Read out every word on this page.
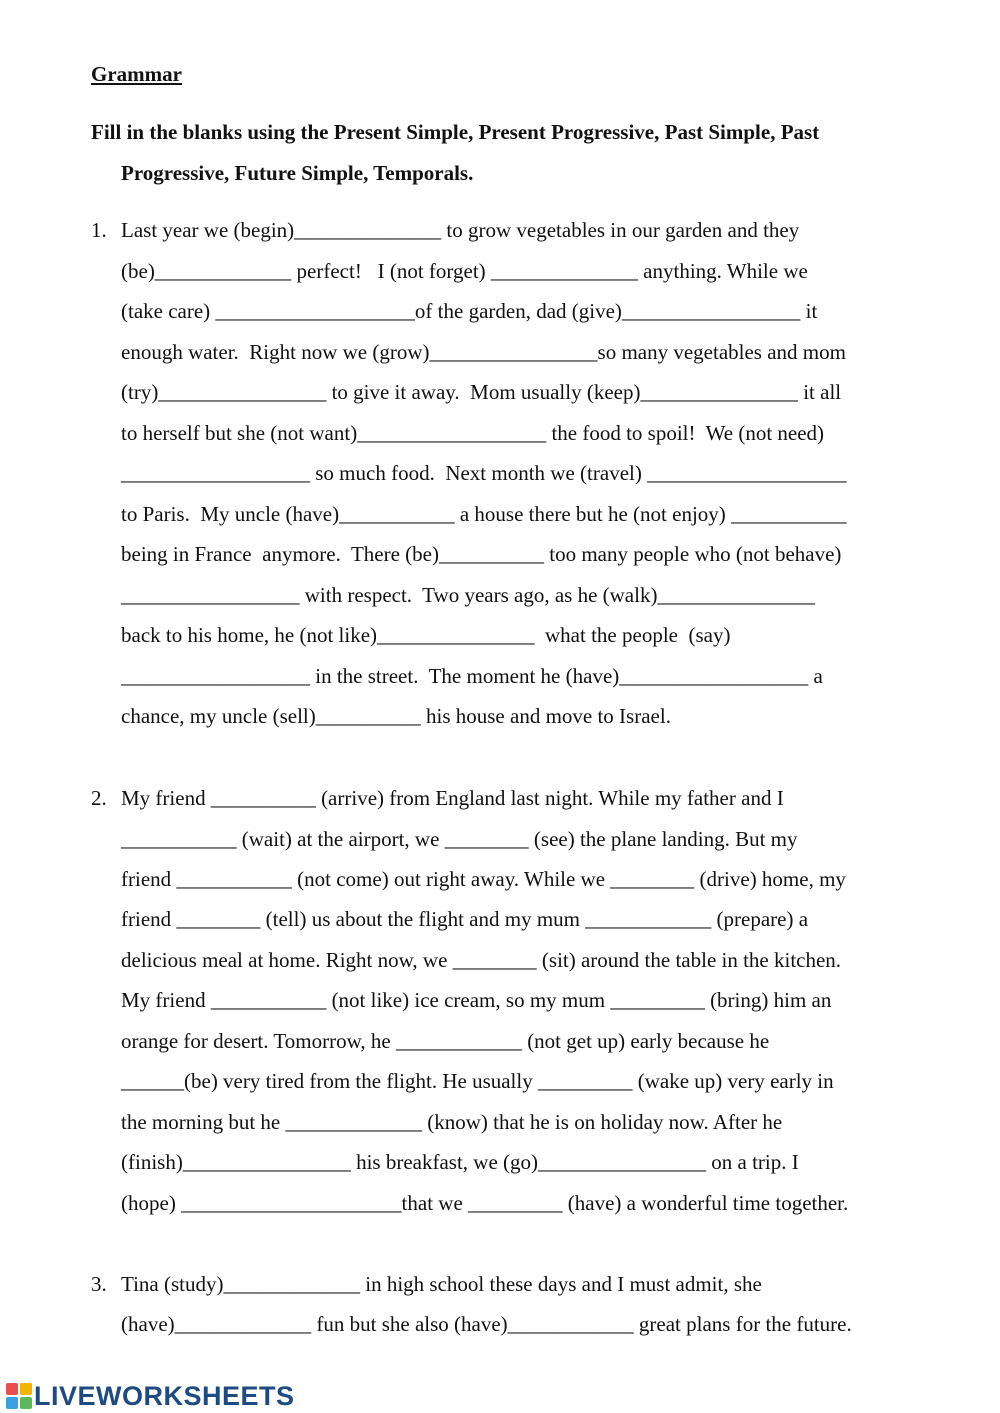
Grammar
Fill in the blanks using the Present Simple, Present Progressive, Past Simple, Past
Progressive, Future Simple, Temporals.
1. Last year we (begin)______________ to grow vegetables in our garden and they
(be)_____________ perfect!   I (not forget) ______________ anything. While we
(take care) ___________________of the garden, dad (give)_________________ it
enough water.  Right now we (grow)________________so many vegetables and mom
(try)________________ to give it away.  Mom usually (keep)_______________ it all
to herself but she (not want)__________________ the food to spoil!  We (not need)
__________________ so much food.  Next month we (travel) ___________________
to Paris.  My uncle (have)___________ a house there but he (not enjoy) ___________
being in France  anymore.  There (be)__________ too many people who (not behave)
_________________ with respect.  Two years ago, as he (walk)_______________
back to his home, he (not like)_______________  what the people  (say)
__________________ in the street.  The moment he (have)__________________ a
chance, my uncle (sell)__________ his house and move to Israel.
2. My friend __________ (arrive) from England last night. While my father and I
___________ (wait) at the airport, we ________ (see) the plane landing. But my
friend ___________ (not come) out right away. While we ________ (drive) home, my
friend ________ (tell) us about the flight and my mum ____________ (prepare) a
delicious meal at home. Right now, we ________ (sit) around the table in the kitchen.
My friend ___________ (not like) ice cream, so my mum _________ (bring) him an
orange for desert. Tomorrow, he ____________ (not get up) early because he
______(be) very tired from the flight. He usually _________ (wake up) very early in
the morning but he _____________ (know) that he is on holiday now. After he
(finish)________________ his breakfast, we (go)________________ on a trip. I
(hope) _____________________that we _________ (have) a wonderful time together.
3. Tina (study)_____________ in high school these days and I must admit, she
(have)_____________ fun but she also (have)____________ great plans for the future.
LIVEWORKSHEETS
